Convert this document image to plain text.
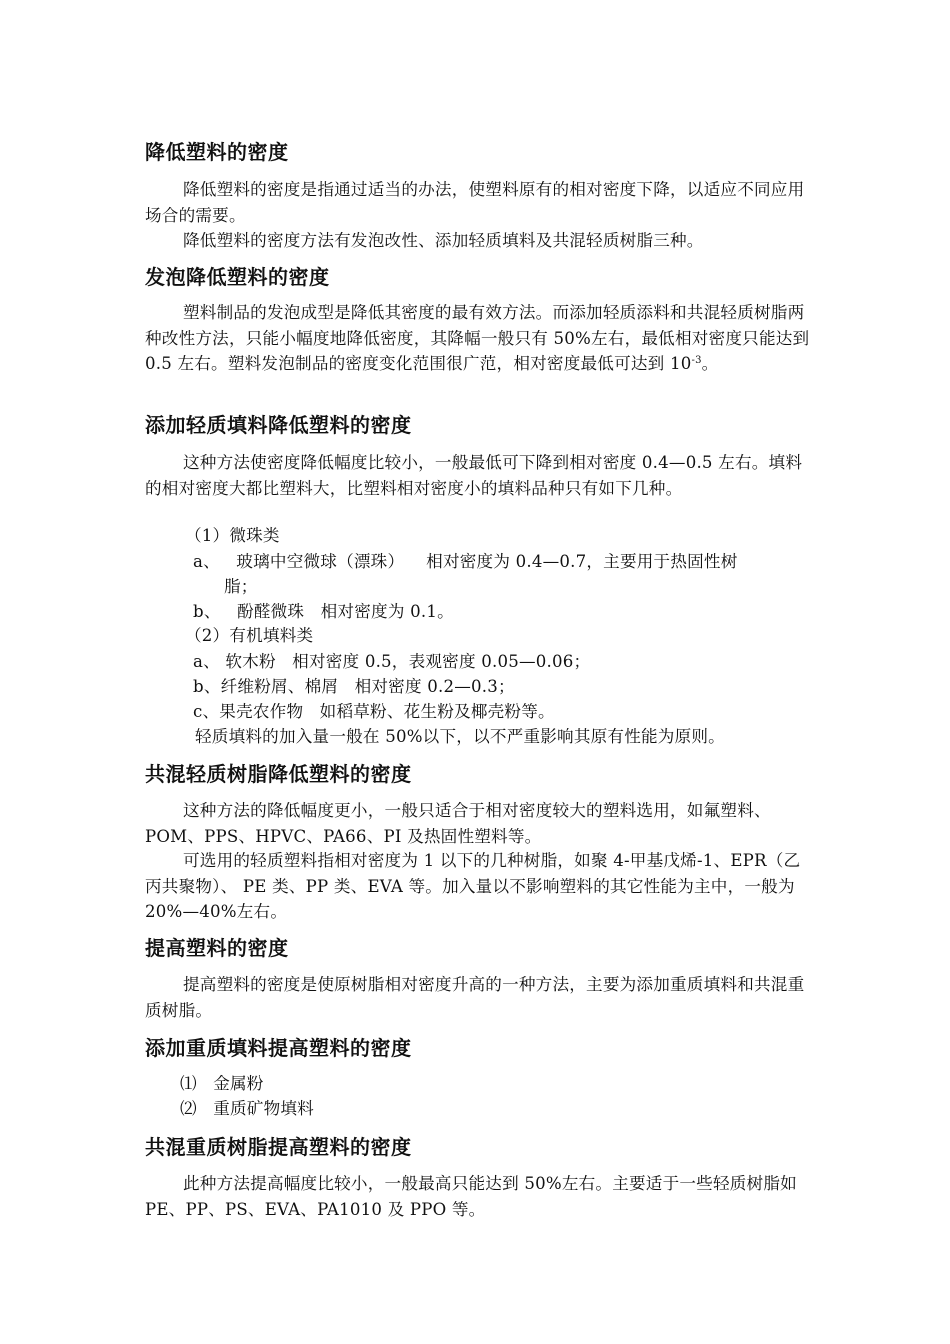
降低塑料的密度

降低塑料的密度是指通过适当的办法，使塑料原有的相对密度下降，以适应不同应用场合的需要。

降低塑料的密度方法有发泡改性、添加轻质填料及共混轻质树脂三种。

发泡降低塑料的密度

塑料制品的发泡成型是降低其密度的最有效方法。而添加轻质添料和共混轻质树脂两种改性方法，只能小幅度地降低密度，其降幅一般只有 50%左右，最低相对密度只能达到 0.5 左右。塑料发泡制品的密度变化范围很广范，相对密度最低可达到 $10^{-3}$。

添加轻质填料降低塑料的密度

这种方法使密度降低幅度比较小，一般最低可下降到相对密度 0.4—0.5 左右。填料的相对密度大都比塑料大，比塑料相对密度小的填料品种只有如下几种。

（1）微珠类
a、   玻璃中空微球（漂珠）    相对密度为 0.4—0.7，主要用于热固性树
脂；
b、   酚醛微珠   相对密度为 0.1。
（2）有机填料类
a、 软木粉   相对密度 0.5，表观密度 0.05—0.06；
b、纤维粉屑、棉屑   相对密度 0.2—0.3；
c、果壳农作物   如稻草粉、花生粉及椰壳粉等。
轻质填料的加入量一般在 50%以下，以不严重影响其原有性能为原则。
共混轻质树脂降低塑料的密度

这种方法的降低幅度更小，一般只适合于相对密度较大的塑料选用，如氟塑料、POM、PPS、HPVC、PA66、PI 及热固性塑料等。

可选用的轻质塑料指相对密度为 1 以下的几种树脂，如聚 4-甲基戊烯-1、EPR（乙丙共聚物）、 PE 类、PP 类、EVA 等。加入量以不影响塑料的其它性能为主中，一般为 20%—40%左右。

提高塑料的密度

提高塑料的密度是使原树脂相对密度升高的一种方法，主要为添加重质填料和共混重质树脂。

添加重质填料提高塑料的密度
⑴   金属粉
⑵   重质矿物填料
共混重质树脂提高塑料的密度

此种方法提高幅度比较小，一般最高只能达到 50%左右。主要适于一些轻质树脂如 PE、PP、PS、EVA、PA1010 及 PPO 等。
